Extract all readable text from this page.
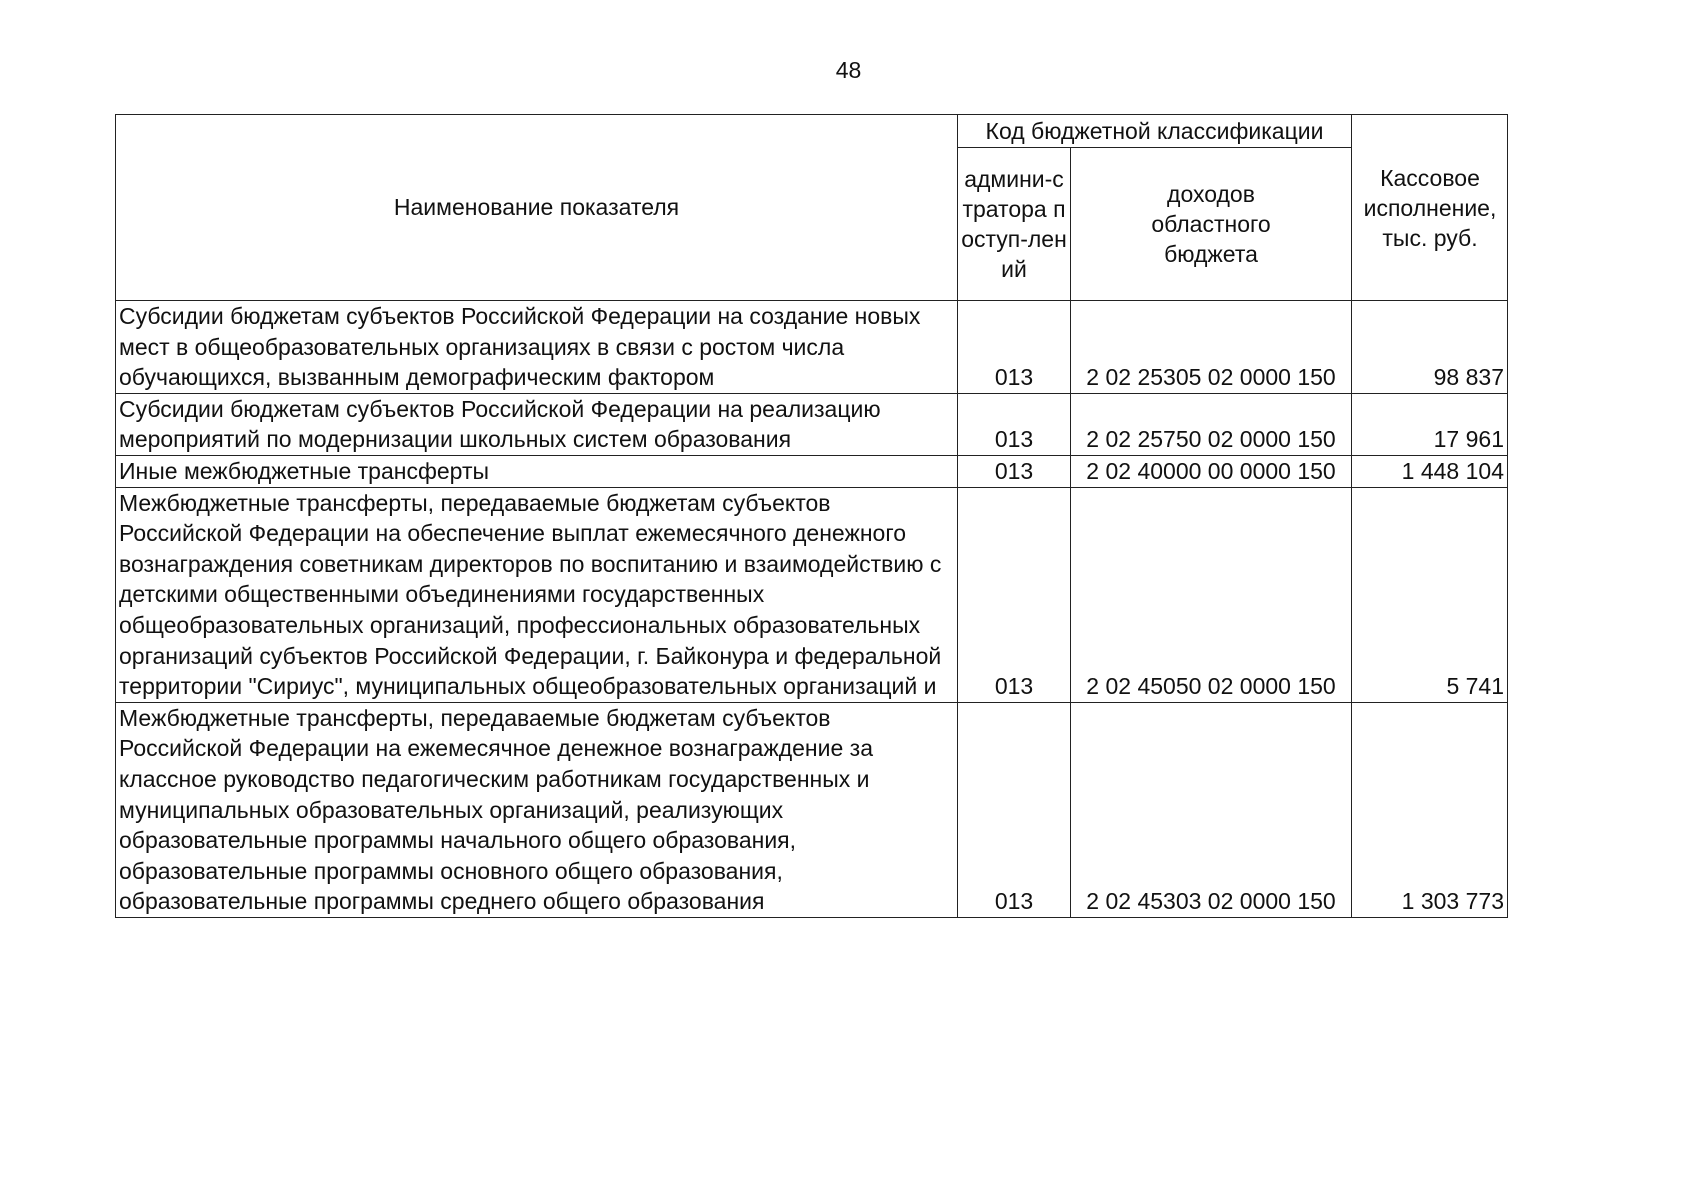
48
Наименование показателя	Код бюджетной классификации		Кассовое исполнение, тыс. руб.
	админи-стратора поступ-лений	доходов областного бюджета	
Субсидии бюджетам субъектов Российской Федерации на создание новых мест в общеобразовательных организациях в связи с ростом числа обучающихся, вызванным демографическим фактором	013	2 02 25305 02 0000 150	98 837
Субсидии бюджетам субъектов Российской Федерации на реализацию мероприятий по модернизации школьных систем образования	013	2 02 25750 02 0000 150	17 961
Иные межбюджетные трансферты	013	2 02 40000 00 0000 150	1 448 104
Межбюджетные трансферты, передаваемые бюджетам субъектов Российской Федерации на обеспечение выплат ежемесячного денежного вознаграждения советникам директоров по воспитанию и взаимодействию с детскими общественными объединениями государственных общеобразовательных организаций, профессиональных образовательных организаций субъектов Российской Федерации, г. Байконура и федеральной территории "Сириус", муниципальных общеобразовательных организаций и	013	2 02 45050 02 0000 150	5 741
Межбюджетные трансферты, передаваемые бюджетам субъектов Российской Федерации на ежемесячное денежное вознаграждение за классное руководство педагогическим работникам государственных и муниципальных образовательных организаций, реализующих образовательные программы начального общего образования, образовательные программы основного общего образования, образовательные программы среднего общего образования	013	2 02 45303 02 0000 150	1 303 773
